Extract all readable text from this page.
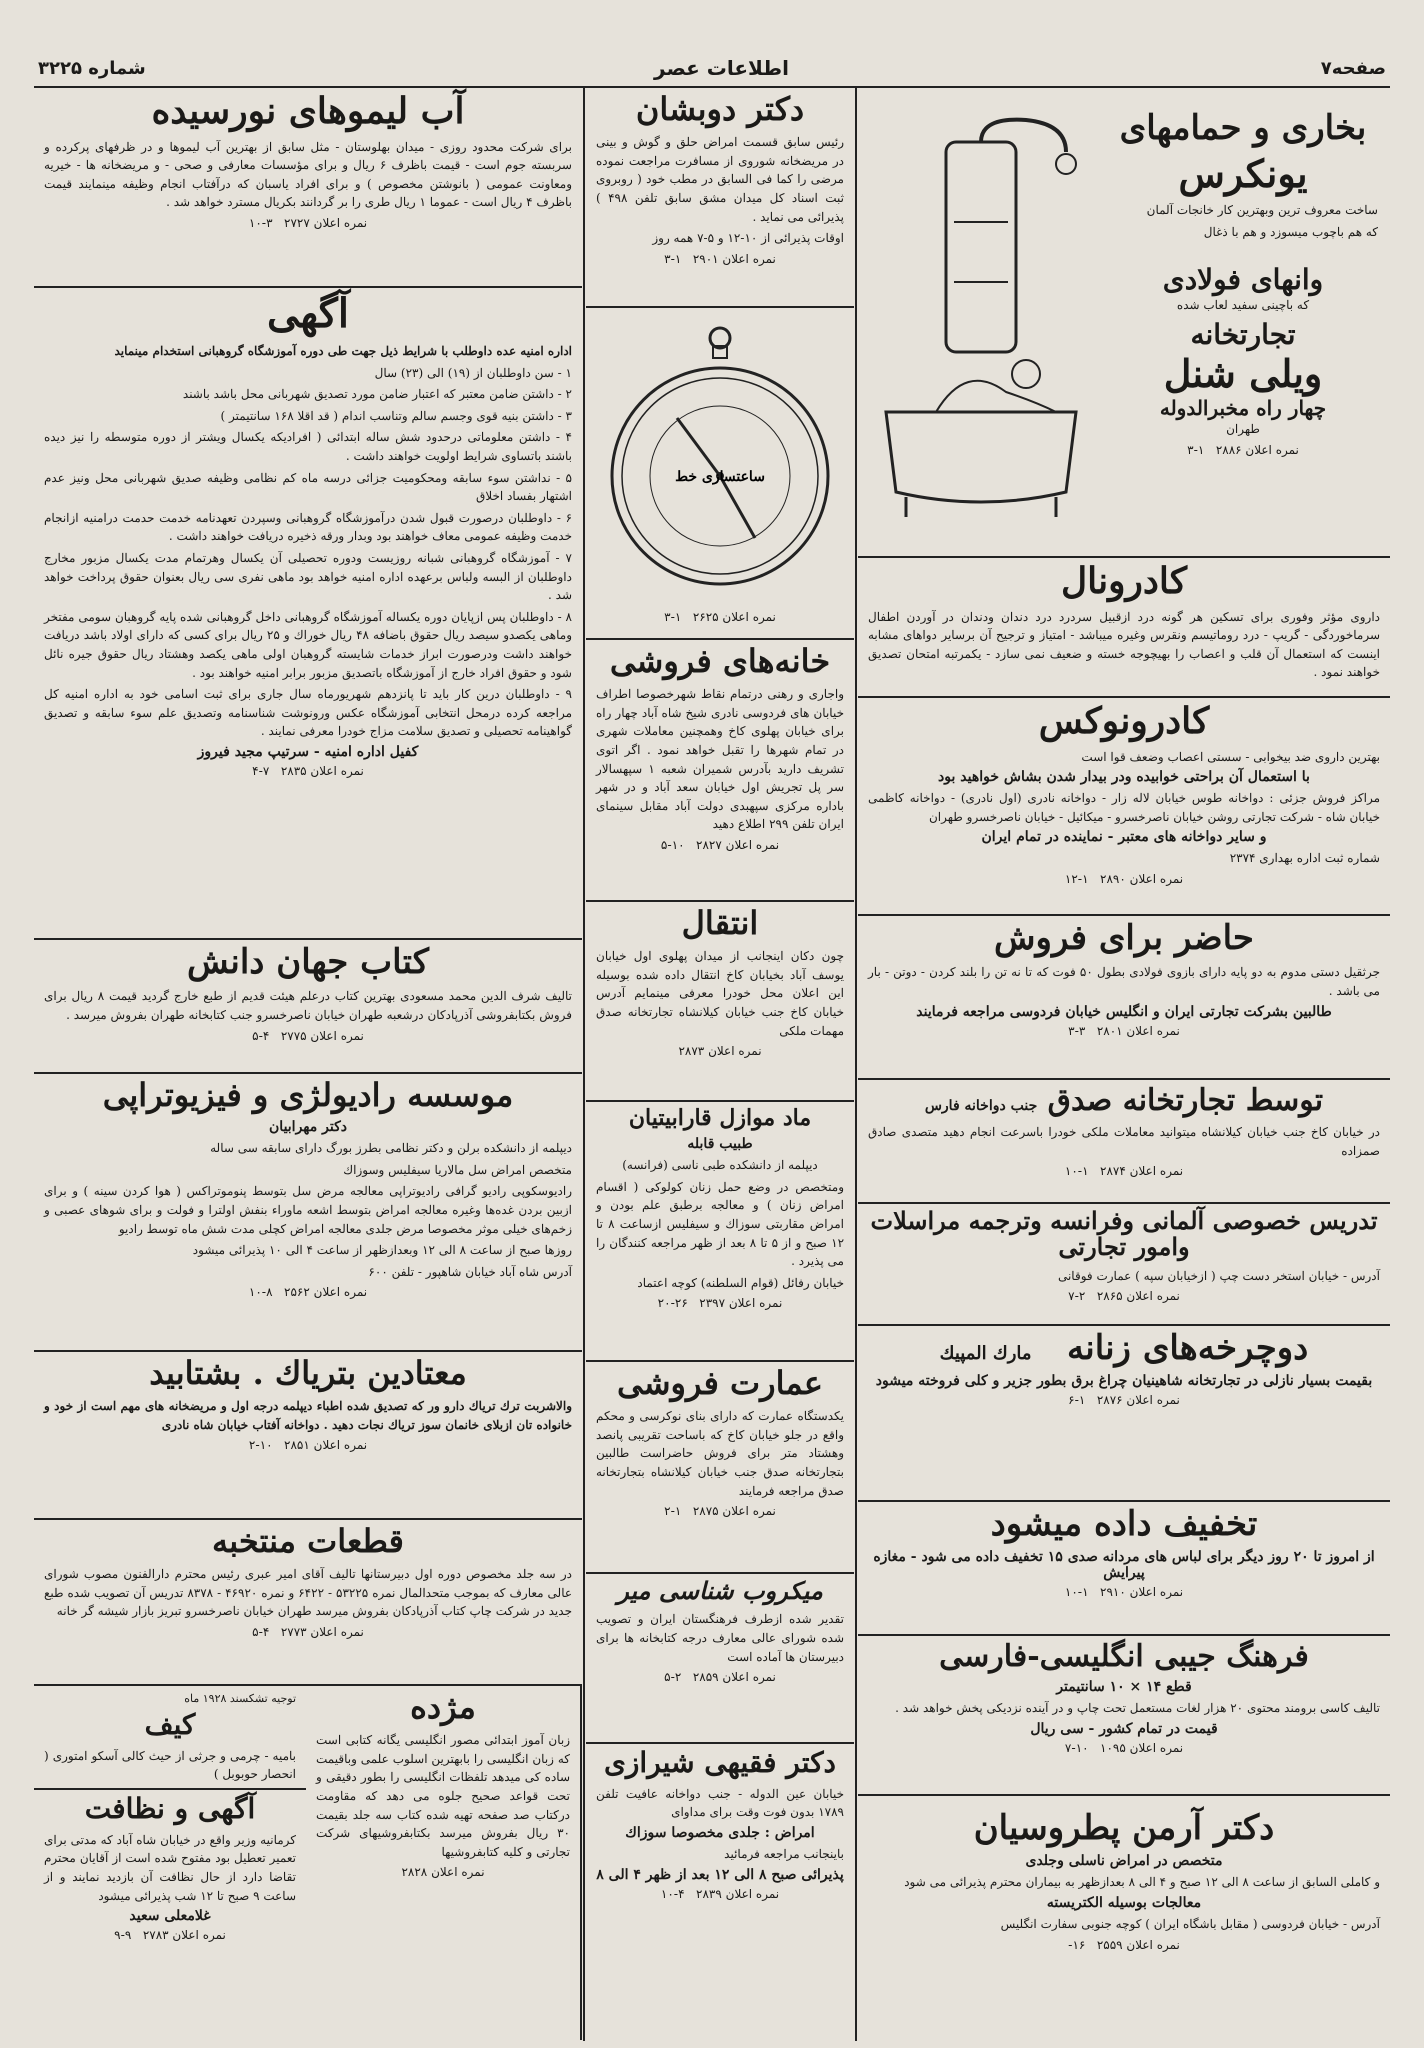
شماره ۳۲۲۵	اطلاعات عصر	صفحه۷
بخاری و حمامهای
یونکرس

ساخت معروف ترین وبهترین کار خانجات آلمان

که هم باچوب میسوزد و هم با ذغال

وانهای فولادی

که باچینی سفید لعاب شده

تجارتخانه
ویلی شنل
چهار راه مخبرالدوله

طهران

نمره اعلان ۲۸۸۶   ۱-۳
کادرونال

داروی مؤثر وفوری برای تسکین هر گونه درد ازقبیل سردرد درد دندان ودندان در آوردن اطفال سرماخوردگی - گریپ - درد روماتیسم ونقرس وغیره میباشد - امتیاز و ترجیح آن برسایر دواهای مشابه اینست که استعمال آن قلب و اعصاب را بهیچوجه خسته و ضعیف نمی سازد - یکمرتبه امتحان تصدیق خواهند نمود .

کادرونوکس

بهترین داروی ضد بیخوابی - سستی اعصاب وضعف قوا است

با استعمال آن براحتی خوابیده ودر بیدار شدن بشاش خواهید بود

مراکز فروش جزئی : دواخانه طوس خیابان لاله زار - دواخانه نادری (اول نادری) - دواخانه کاظمی خیابان شاه - شرکت تجارتی روشن خیابان ناصرخسرو - میکائیل - خیابان ناصرخسرو طهران

و سایر دواخانه های معتبر - نماینده در تمام ایران

شماره ثبت اداره بهداری ۲۳۷۴

نمره اعلان ۲۸۹۰   ۱-۱۲
حاضر برای فروش

جرثقیل دستی مدوم به دو پایه دارای بازوی فولادی بطول ۵۰ فوت که تا نه تن را بلند کردن - دوتن - بار می باشد .

طالبین بشرکت تجارتی ایران و انگلیس خیابان فردوسی مراجعه فرمایند
نمره اعلان ۲۸۰۱   ۳-۳
توسط تجارتخانه صدق جنب دواخانه فارس

در خیابان کاخ جنب خیابان کیلانشاه میتوانید معاملات ملکی خودرا باسرعت انجام دهید متصدی صادق صمزاده

نمره اعلان ۲۸۷۴   ۱-۱۰
تدریس خصوصی آلمانی وفرانسه وترجمه مراسلات وامور تجارتی

آدرس - خیابان استخر دست چپ ( ازخیابان سپه ) عمارت فوقانی

نمره اعلان ۲۸۶۵   ۲-۷
دوچرخه‌های زنانه   مارك المپیك
بقیمت بسیار نازلی در تجارتخانه شاهینیان چراغ برق بطور جزیر و کلی فروخته میشود
نمره اعلان ۲۸۷۶   ۱-۶
تخفیف داده میشود
از امروز تا ۲۰ روز دیگر برای لباس های مردانه صدی ۱۵ تخفیف داده می شود - مغازه پیرایش
نمره اعلان ۲۹۱۰   ۱-۱۰
فرهنگ جیبی انگلیسی-فارسی
قطع ۱۴ × ۱۰ سانتیمتر

تالیف کاسی برومند محتوی ۲۰ هزار لغات مستعمل تحت چاپ و در آینده نزدیکی پخش خواهد شد .

قیمت در تمام کشور - سی ریال
نمره اعلان ۱۰۹۵   ۱۰-۷
دکتر آرمن پطروسیان
متخصص در امراض ناسلی وجلدی

و کاملی السابق از ساعت ۸ الی ۱۲ صبح و ۴ الی ۸ بعدازظهر به بیماران محترم پذیرائی می شود

معالجات بوسیله الکتریسته

آدرس - خیابان فردوسی ( مقابل باشگاه ایران ) کوچه جنوبی سفارت انگلیس

نمره اعلان ۲۵۵۹   ۱۶-
دکتر دوبشان

رئیس سابق قسمت امراض حلق و گوش و بینی در مریضخانه شوروی از مسافرت مراجعت نموده مرضی را کما فی السابق در مطب خود ( روبروی ثبت اسناد کل میدان مشق سابق تلفن ۴۹۸ ) پذیرائی می نماید .

اوقات پذیرائی از ۱۰-۱۲ و ۵-۷ همه روز

نمره اعلان ۲۹۰۱   ۱-۳
ساعتسازی خط
نمره اعلان ۲۶۲۵   ۱-۳
خانه‌های فروشی

واجاری و رهنی درتمام نقاط شهرخصوصا اطراف خیابان های فردوسی نادری شیخ شاه آباد چهار راه برای خیابان پهلوی کاخ وهمچنین معاملات شهری در تمام شهرها را تقبل خواهد نمود . اگر اتوی تشریف دارید بآدرس شمیران شعبه ۱ سپهسالار سر پل تجریش اول خیابان سعد آباد و در شهر باداره مرکزی سپهبدی دولت آباد مقابل سینمای ایران تلفن ۲۹۹ اطلاع دهید

نمره اعلان ۲۸۲۷   ۱۰-۵
انتقال

چون دکان اینجانب از میدان پهلوی اول خیابان یوسف آباد بخیابان کاخ انتقال داده شده بوسیله این اعلان محل خودرا معرفی مینمایم آدرس خیابان کاخ جنب خیابان کیلانشاه تجارتخانه صدق مهمات ملکی

نمره اعلان ۲۸۷۳
ماد موازل قارابیتیان
طبیب قابله

دیپلمه از دانشکده طبی ناسی (فرانسه)

ومتخصص در وضع حمل زنان کولوکی ( اقسام امراض زنان ) و معالجه برطبق علم بودن و امراض مقاربتی سوزاك و سیفلیس ازساعت ۸ تا ۱۲ صبح و از ۵ تا ۸ بعد از ظهر مراجعه کنندگان را می پذیرد .

خیابان رفائل (قوام السلطنه) کوچه اعتماد

نمره اعلان ۲۳۹۷   ۲۶-۲۰
عمارت فروشی

یکدستگاه عمارت که دارای بنای نوکرسی و محکم واقع در جلو خیابان کاخ که باساحت تقریبی پانصد وهشتاد متر برای فروش حاضراست طالبین بتجارتخانه صدق جنب خیابان کیلانشاه بتجارتخانه صدق مراجعه فرمایند

نمره اعلان ۲۸۷۵   ۱-۲
میکروب شناسی میر

تقدیر شده ازطرف فرهنگستان ایران و تصویب شده شورای عالی معارف درجه کتابخانه ها برای دبیرستان ها آماده است

نمره اعلان ۲۸۵۹   ۲-۵
دکتر فقیهی شیرازی

خیابان عین الدوله - جنب دواخانه عافیت تلفن ۱۷۸۹ بدون فوت وقت برای مداوای

امراض : جلدی مخصوصا سوزاك

باینجانب مراجعه فرمائید

پذیرائی صبح ۸ الی ۱۲ بعد از ظهر ۴ الی ۸
نمره اعلان ۲۸۳۹   ۴-۱۰
آب لیموهای نورسیده

برای شرکت محدود روزی - میدان بهلوستان - مثل سابق از بهترین آب لیموها و در ظرفهای پرکرده و سربسته جوم است - قیمت باظرف ۶ ریال و برای مؤسسات معارفی و صحی - و مریضخانه ها - خیریه ومعاونت عمومی ( بانوشتن مخصوص ) و برای افراد یاسبان که درآفتاب انجام وظیفه مینمایند قیمت باظرف ۴ ریال است - عموما ۱ ریال طری را بر گردانند بکریال مسترد خواهد شد .

نمره اعلان ۲۷۲۷   ۳-۱۰
آگهی

اداره امنیه عده داوطلب با شرایط ذیل جهت طی دوره آموزشگاه گروهبانی استخدام مینماید

۱ - سن داوطلبان از (۱۹) الی (۲۳) سال

۲ - داشتن ضامن معتبر که اعتبار ضامن مورد تصدیق شهربانی محل باشد باشند

۳ - داشتن بنیه قوی وجسم سالم وتناسب اندام ( قد اقلا ۱۶۸ سانتیمتر )

۴ - داشتن معلوماتی درحدود شش ساله ابتدائی ( افرادیکه یکسال ویشتر از دوره متوسطه را نیز دیده باشند باتساوی شرایط اولویت خواهند داشت .

۵ - نداشتن سوء سابقه ومحکومیت جزائی درسه ماه کم نظامی وظیفه صدیق شهربانی محل ونیز عدم اشتهار بفساد اخلاق

۶ - داوطلبان درصورت قبول شدن درآموزشگاه گروهبانی وسپردن تعهدنامه خدمت حدمت درامنیه ازانجام خدمت وظیفه عمومی معاف خواهند بود وبدار ورقه ذخیره دریافت خواهند داشت .

۷ - آموزشگاه گروهبانی شبانه روزیست ودوره تحصیلی آن یکسال وهرتمام مدت یکسال مزبور مخارج داوطلبان از البسه ولباس برعهده اداره امنیه خواهد بود ماهی نفری سی ریال بعنوان حقوق پرداخت خواهد شد .

۸ - داوطلبان پس ازپایان دوره یکساله آموزشگاه گروهبانی داخل گروهبانی شده پایه گروهبان سومی مفتخر وماهی یکصدو سیصد ریال حقوق باضافه ۴۸ ریال خوراك و ۲۵ ریال برای کسی که دارای اولاد باشد دریافت خواهند داشت ودرصورت ابراز خدمات شایسته گروهبان اولی ماهی یکصد وهشتاد ریال حقوق جیره نائل شود و حقوق افراد خارج از آموزشگاه باتصدیق مزبور برابر امنیه خواهند بود .

۹ - داوطلبان درین کار باید تا پانزدهم شهریورماه سال جاری برای ثبت اسامی خود به اداره امنیه کل مراجعه کرده درمحل انتخابی آموزشگاه عکس ورونوشت شناسنامه وتصدیق علم سوء سابقه و تصدیق گواهینامه تحصیلی و تصدیق سلامت مزاج خودرا معرفی نمایند .

کفیل اداره امنیه - سرتیپ مجید فیروز
نمره اعلان ۲۸۳۵   ۷-۴
کتاب جهان دانش

تالیف شرف الدین محمد مسعودی بهترین کتاب درعلم هیئت قدیم از طبع خارج گردید قیمت ۸ ریال برای فروش بکتابفروشی آذرپادکان درشعبه طهران خیابان ناصرخسرو جنب کتابخانه طهران بفروش میرسد .

نمره اعلان ۲۷۷۵   ۴-۵
موسسه رادیولژی و فیزیوتراپی
دکتر مهرابیان

دیپلمه از دانشکده برلن و دکتر نظامی بطرز بورگ دارای سابقه سی ساله

متخصص امراض سل مالاریا سیفلیس وسوزاك

رادیوسکوپی رادیو گرافی رادیوتراپی معالجه مرض سل بتوسط پنوموتراکس ( هوا کردن سینه ) و برای ازبین بردن غده‌ها وغیره معالجه امراض بتوسط اشعه ماوراء بنفش اولترا و فولت و برای شوهای عصبی و زخم‌های خیلی موثر مخصوصا مرض جلدی معالجه امراض کچلی مدت شش ماه توسط رادیو

روزها صبح از ساعت ۸ الی ۱۲ وبعدازظهر از ساعت ۴ الی ۱۰ پذیرائی میشود

آدرس شاه آباد خیابان شاهپور - تلفن ۶۰۰

نمره اعلان ۲۵۶۲   ۸-۱۰
معتادین بتریاك . بشتابید

والاشربت ترك تریاك دارو ور که تصدیق شده اطباء دیپلمه درجه اول و مریضخانه های مهم است از خود و خانواده تان ازبلای خانمان سوز تریاك نجات دهید . دواخانه آفتاب خیابان شاه نادری

نمره اعلان ۲۸۵۱   ۱۰-۲
قطعات منتخبه

در سه جلد مخصوص دوره اول دبیرستانها تالیف آقای امیر عبری رئیس محترم دارالفنون مصوب شورای عالی معارف که بموجب متحدالمال نمره ۵۳۲۲۵ - ۶۴۲۲ و نمره ۴۶۹۲۰ - ۸۳۷۸ تدریس آن تصویب شده طبع جدید در شرکت چاپ کتاب آذرپادکان بفروش میرسد طهران خیابان ناصرخسرو تبریز بازار شیشه گر خانه

نمره اعلان ۲۷۷۳   ۴-۵
مژده

زبان آموز ابتدائی مصور انگلیسی یگانه کتابی است که زبان انگلیسی را بابهترین اسلوب علمی وباقیمت ساده کی میدهد تلفظات انگلیسی را بطور دقیقی و تحت قواعد صحیح جلوه می دهد که مقاومت درکتاب صد صفحه تهیه شده کتاب سه جلد بقیمت ۳۰ ریال بفروش میرسد بکتابفروشیهای شرکت تجارتی و کلیه کتابفروشیها

نمره اعلان ۲۸۲۸

توجیه تشکسند ۱۹۲۸ ماه

کیف

بامیه - چرمی و جرثی از حیث کالی آسکو امتوری ( انحصار حوبوبل )

آگهی و نظافت

کرمانیه وزیر واقع در خیابان شاه آباد که مدتی برای تعمیر تعطیل بود مفتوح شده است از آقایان محترم تقاضا دارد از حال نظافت آن بازدید نمایند و از ساعت ۹ صبح تا ۱۲ شب پذیرائی میشود

غلامعلی سعید
نمره اعلان ۲۷۸۳   ۹-۹
